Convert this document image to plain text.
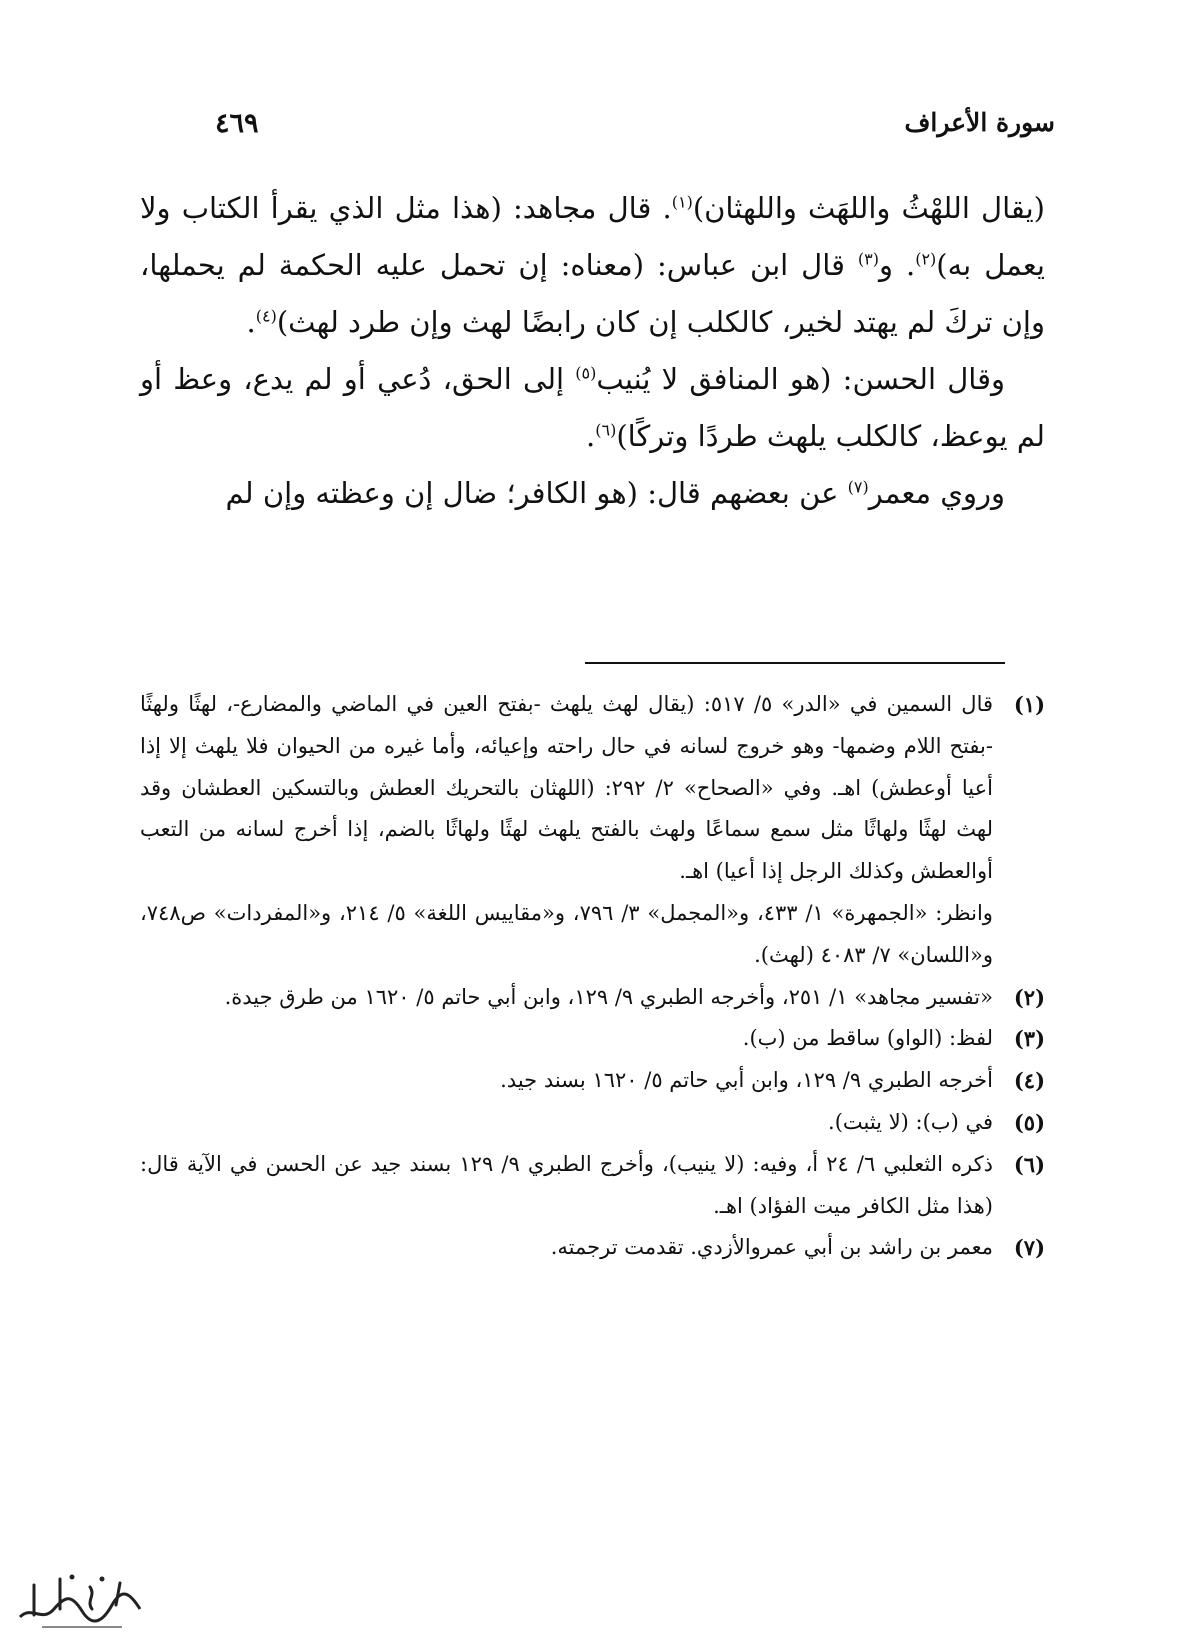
سورة الأعراف
٤٦٩

(يقال اللهْثُ واللهَث واللهثان)$^{(١)}$. قال مجاهد: (هذا مثل الذي يقرأ الكتاب ولا يعمل به)$^{(٢)}$. و$^{(٣)}$ قال ابن عباس: (معناه: إن تحمل عليه الحكمة لم يحملها، وإن تركَ لم يهتد لخير، كالكلب إن كان رابضًا لهث وإن طرد لهث)$^{(٤)}$.

وقال الحسن: (هو المنافق لا يُنيب$^{(٥)}$ إلى الحق، دُعي أو لم يدع، وعظ أو لم يوعظ، كالكلب يلهث طردًا وتركًا)$^{(٦)}$.

وروي معمر$^{(٧)}$ عن بعضهم قال: (هو الكافر؛ ضال إن وعظته وإن لم

(١)
قال السمين في «الدر» ٥/ ٥١٧: (يقال لهث يلهث -بفتح العين في الماضي والمضارع-، لهثًا ولهثًا -بفتح اللام وضمها- وهو خروج لسانه في حال راحته وإعيائه، وأما غيره من الحيوان فلا يلهث إلا إذا أعيا أوعطش) اهـ. وفي «الصحاح» ٢/ ٢٩٢: (اللهثان بالتحريك العطش وبالتسكين العطشان وقد لهث لهثًا ولهاثًا مثل سمع سماعًا ولهث بالفتح يلهث لهثًا ولهاثًا بالضم، إذا أخرج لسانه من التعب أوالعطش وكذلك الرجل إذا أعيا) اهـ.
وانظر: «الجمهرة» ١/ ٤٣٣، و«المجمل» ٣/ ٧٩٦، و«مقاييس اللغة» ٥/ ٢١٤، و«المفردات» ص٧٤٨، و«اللسان» ٧/ ٤٠٨٣ (لهث).
(٢)
«تفسير مجاهد» ١/ ٢٥١، وأخرجه الطبري ٩/ ١٢٩، وابن أبي حاتم ٥/ ١٦٢٠ من طرق جيدة.
(٣)
لفظ: (الواو) ساقط من (ب).
(٤)
أخرجه الطبري ٩/ ١٢٩، وابن أبي حاتم ٥/ ١٦٢٠ بسند جيد.
(٥)
في (ب): (لا يثبت).
(٦)
ذكره الثعلبي ٦/ ٢٤ أ، وفيه: (لا ينيب)، وأخرج الطبري ٩/ ١٢٩ بسند جيد عن الحسن في الآية قال: (هذا مثل الكافر ميت الفؤاد) اهـ.
(٧)
معمر بن راشد بن أبي عمروالأزدي. تقدمت ترجمته.
